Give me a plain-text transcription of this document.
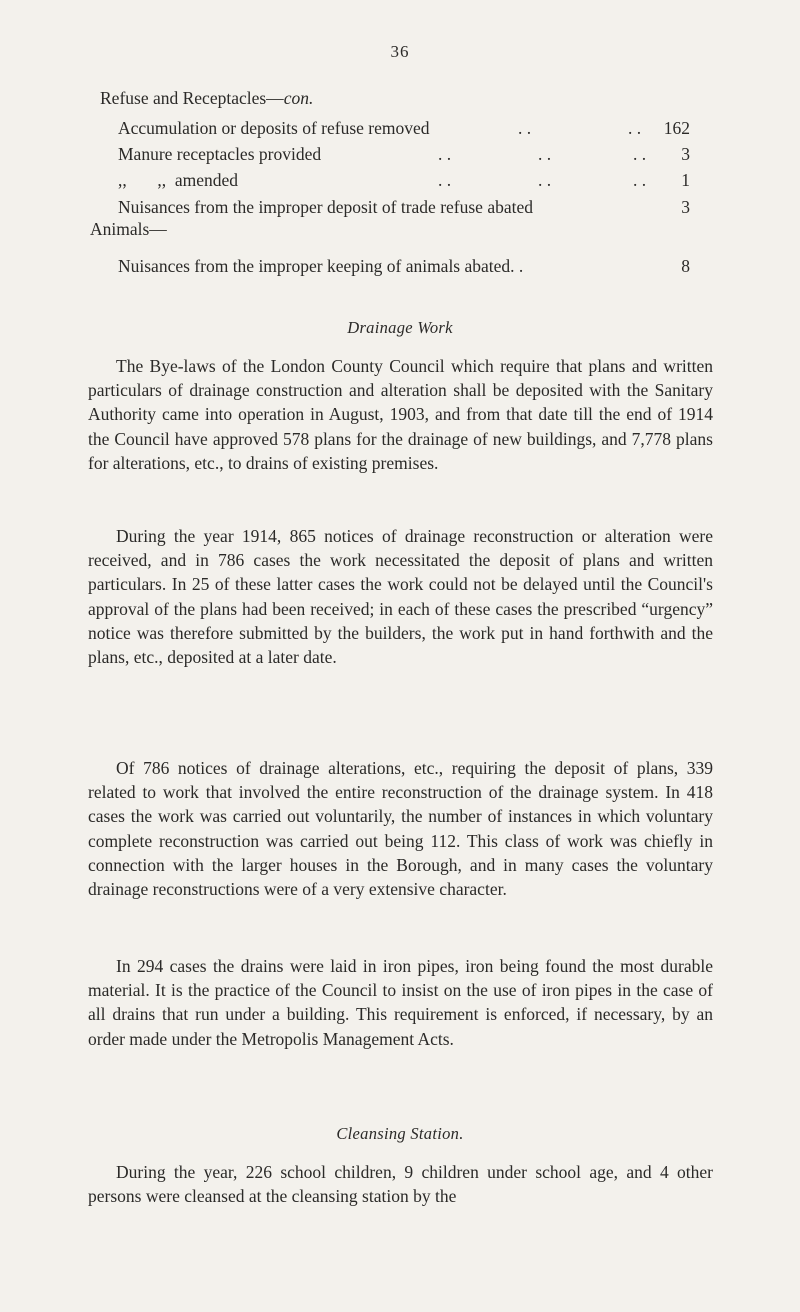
36
Refuse and Receptacles—con.
Accumulation or deposits of refuse removed	. .	. . 162
Manure receptacles provided	. .	. .	. . 3
,,       ,,  amended	. .	. .	. . 1
Nuisances from the improper deposit of trade refuse abated	3
Animals—
Nuisances from the improper keeping of animals abated. .	8
Drainage Work

The Bye-laws of the London County Council which require that plans and written particulars of drainage construction and alteration shall be deposited with the Sanitary Authority came into operation in August, 1903, and from that date till the end of 1914 the Council have approved 578 plans for the drainage of new buildings, and 7,778 plans for alterations, etc., to drains of existing premises.

During the year 1914, 865 notices of drainage reconstruction or alteration were received, and in 786 cases the work necessitated the deposit of plans and written particulars. In 25 of these latter cases the work could not be delayed until the Council's approval of the plans had been received; in each of these cases the prescribed “urgency” notice was therefore submitted by the builders, the work put in hand forthwith and the plans, etc., deposited at a later date.

Of 786 notices of drainage alterations, etc., requiring the deposit of plans, 339 related to work that involved the entire reconstruction of the drainage system. In 418 cases the work was carried out voluntarily, the number of instances in which voluntary complete reconstruction was carried out being 112. This class of work was chiefly in connection with the larger houses in the Borough, and in many cases the voluntary drainage reconstructions were of a very extensive character.

In 294 cases the drains were laid in iron pipes, iron being found the most durable material. It is the practice of the Council to insist on the use of iron pipes in the case of all drains that run under a building. This requirement is enforced, if necessary, by an order made under the Metropolis Management Acts.

Cleansing Station.

During the year, 226 school children, 9 children under school age, and 4 other persons were cleansed at the cleansing station by the
